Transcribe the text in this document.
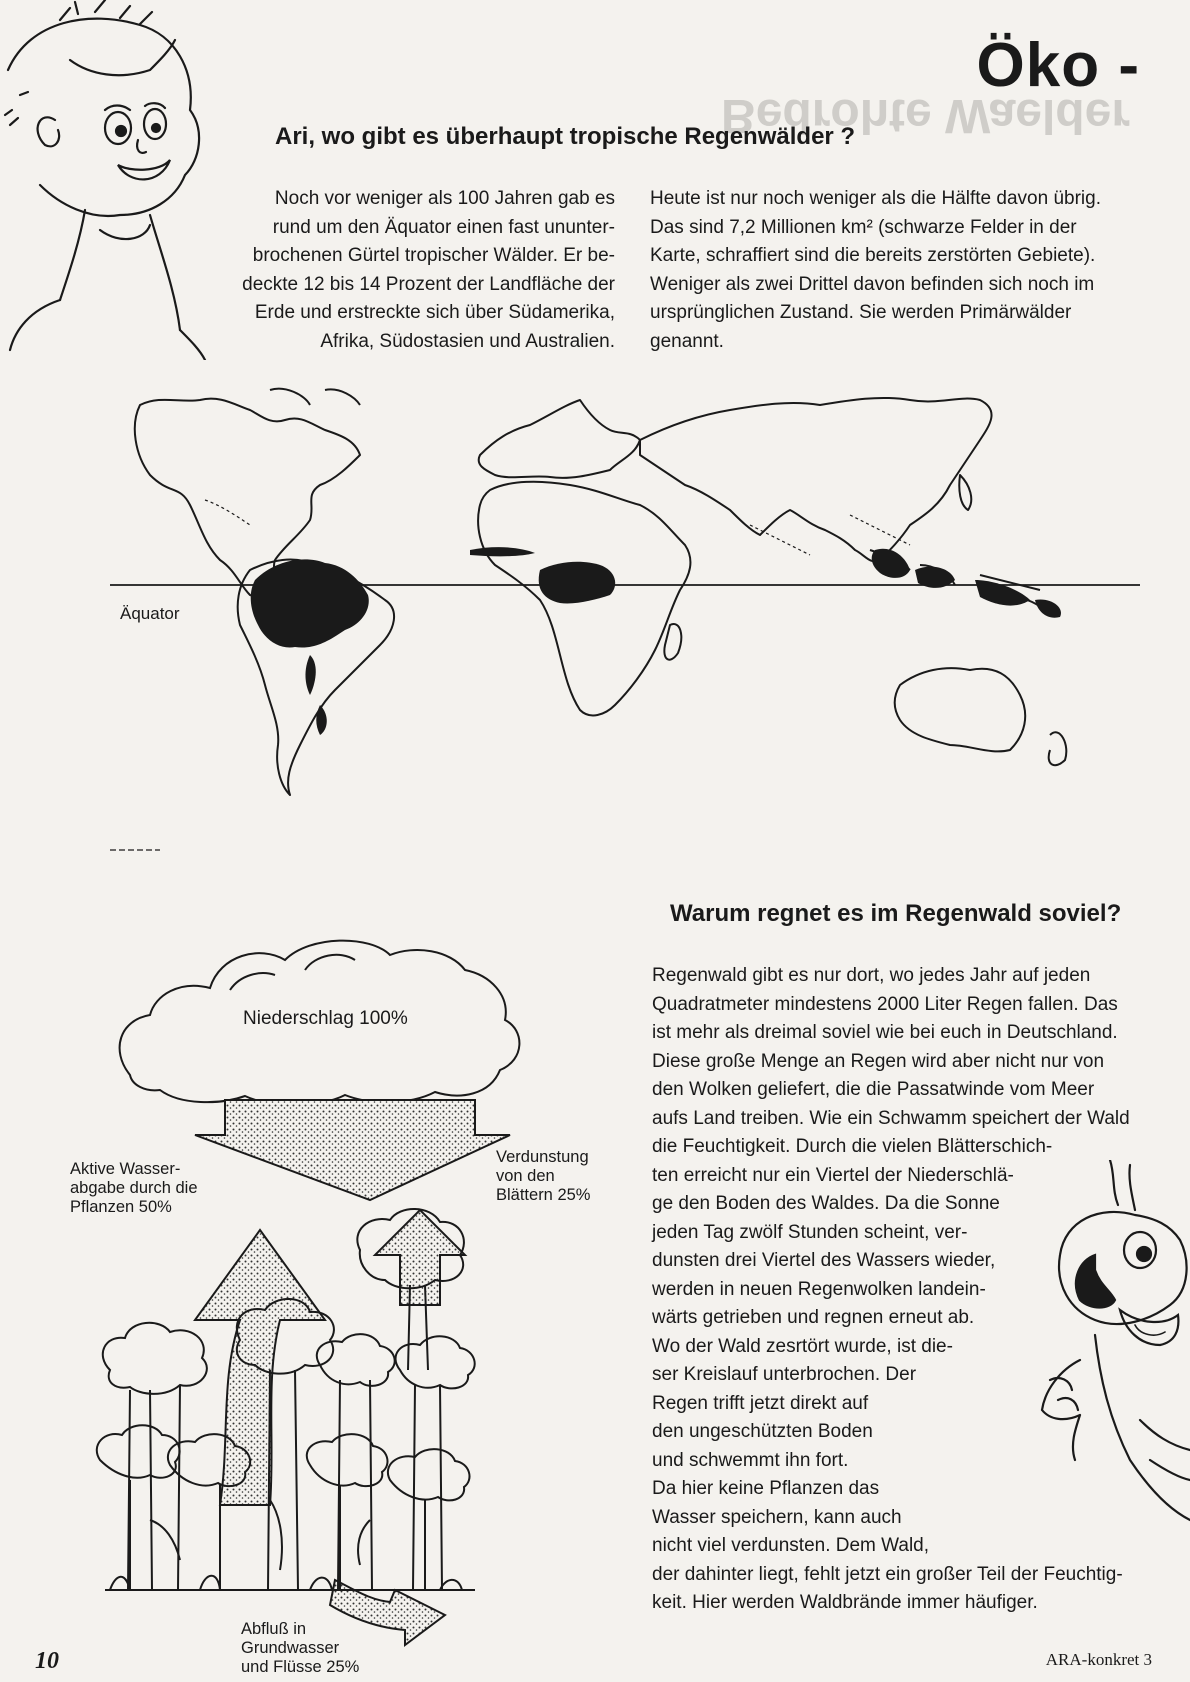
Bedrohte Waelder
Öko -
Ari, wo gibt es überhaupt tropische Regenwälder ?
Noch vor weniger als 100 Jahren gab es
rund um den Äquator einen fast ununter-
brochenen Gürtel tropischer Wälder. Er be-
deckte 12 bis 14 Prozent der Landfläche der
Erde und erstreckte sich über Südamerika,
Afrika, Südostasien und Australien.
Heute ist nur noch weniger als die Hälfte davon übrig.
Das sind 7,2 Millionen km² (schwarze Felder in der
Karte, schraffiert sind die bereits zerstörten Gebiete).
Weniger als zwei Drittel davon befinden sich noch im
ursprünglichen Zustand. Sie werden Primärwälder
genannt.
Äquator
Niederschlag 100%
Aktive Wasser-
abgabe durch die
Pflanzen 50%
Verdunstung
von den
Blättern 25%
Abfluß in
Grundwasser
und Flüsse 25%
Warum regnet es im Regenwald soviel?
Regenwald gibt es nur dort, wo jedes Jahr auf jeden
Quadratmeter mindestens 2000 Liter Regen fallen. Das
ist mehr als dreimal soviel wie bei euch in Deutschland.
Diese große Menge an Regen wird aber nicht nur von
den Wolken geliefert, die die Passatwinde vom Meer
aufs Land treiben. Wie ein Schwamm speichert der Wald
die Feuchtigkeit. Durch die vielen Blätterschich-
ten erreicht nur ein Viertel der Niederschlä-
ge den Boden des Waldes. Da die Sonne
jeden Tag zwölf Stunden scheint, ver-
dunsten drei Viertel des Wassers wieder,
werden in neuen Regenwolken landein-
wärts getrieben und regnen erneut ab.
Wo der Wald zesrtört wurde, ist die-
ser Kreislauf unterbrochen. Der
Regen trifft jetzt direkt auf
den ungeschützten Boden
und schwemmt ihn fort.
Da hier keine Pflanzen das
Wasser speichern, kann auch
nicht viel verdunsten. Dem Wald,
der dahinter liegt, fehlt jetzt ein großer Teil der Feuchtig-
keit. Hier werden Waldbrände immer häufiger.
10	ARA-konkret 3
